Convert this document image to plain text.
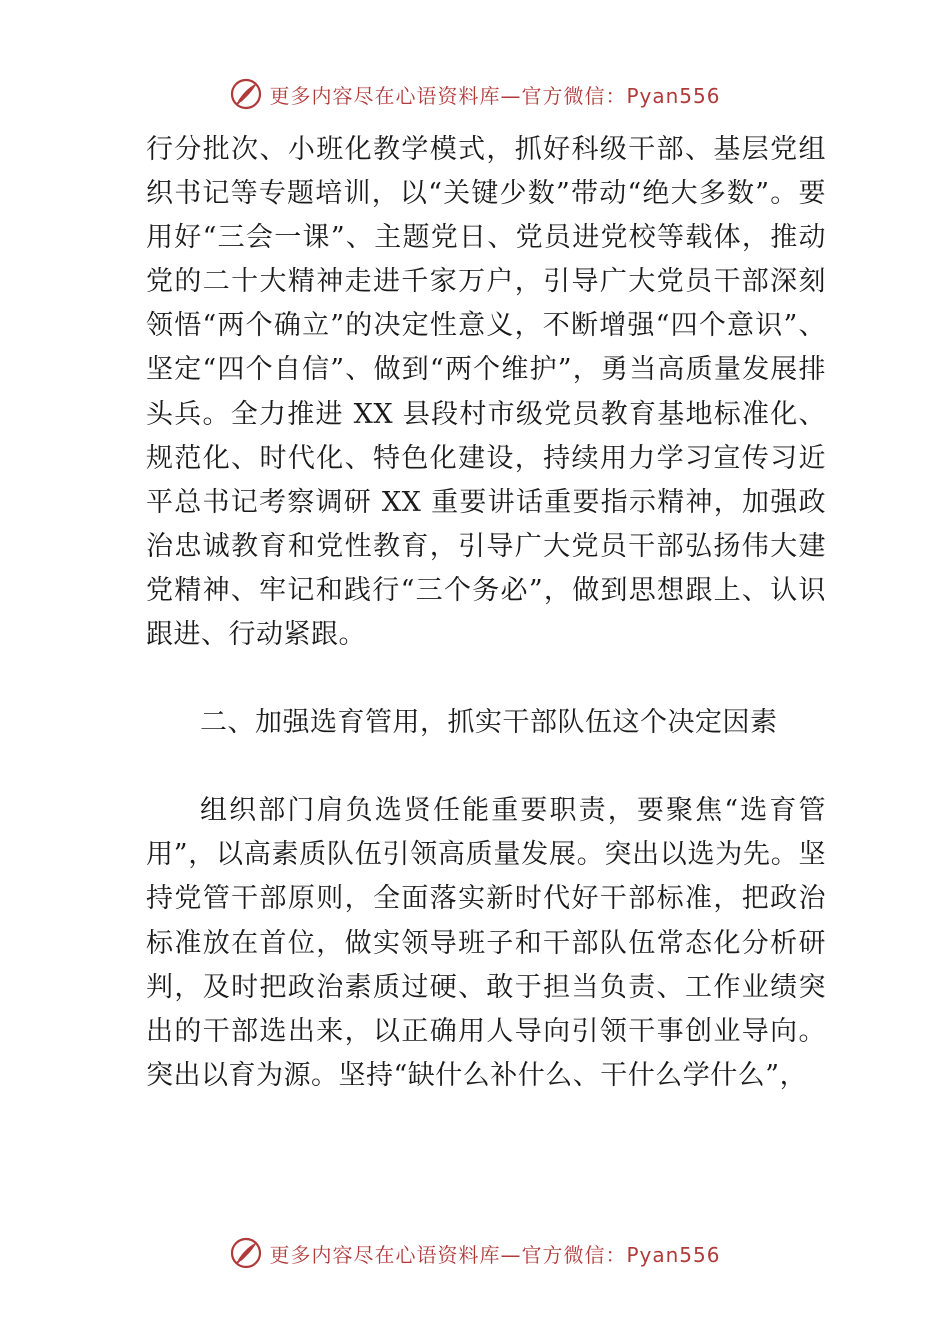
更多内容尽在心语资料库—官方微信：Pyan556

行分批次、小班化教学模式，抓好科级干部、基层党组织书记等专题培训，以“关键少数”带动“绝大多数”。要用好“三会一课”、主题党日、党员进党校等载体，推动党的二十大精神走进千家万户，引导广大党员干部深刻领悟“两个确立”的决定性意义，不断增强“四个意识”、坚定“四个自信”、做到“两个维护”，勇当高质量发展排头兵。全力推进 XX 县段村市级党员教育基地标准化、规范化、时代化、特色化建设，持续用力学习宣传习近平总书记考察调研 XX 重要讲话重要指示精神，加强政治忠诚教育和党性教育，引导广大党员干部弘扬伟大建党精神、牢记和践行“三个务必”，做到思想跟上、认识跟进、行动紧跟。

二、加强选育管用，抓实干部队伍这个决定因素

组织部门肩负选贤任能重要职责，要聚焦“选育管用”，以高素质队伍引领高质量发展。突出以选为先。坚持党管干部原则，全面落实新时代好干部标准，把政治标准放在首位，做实领导班子和干部队伍常态化分析研判，及时把政治素质过硬、敢于担当负责、工作业绩突出的干部选出来，以正确用人导向引领干事创业导向。突出以育为源。坚持“缺什么补什么、干什么学什么”，

更多内容尽在心语资料库—官方微信：Pyan556
